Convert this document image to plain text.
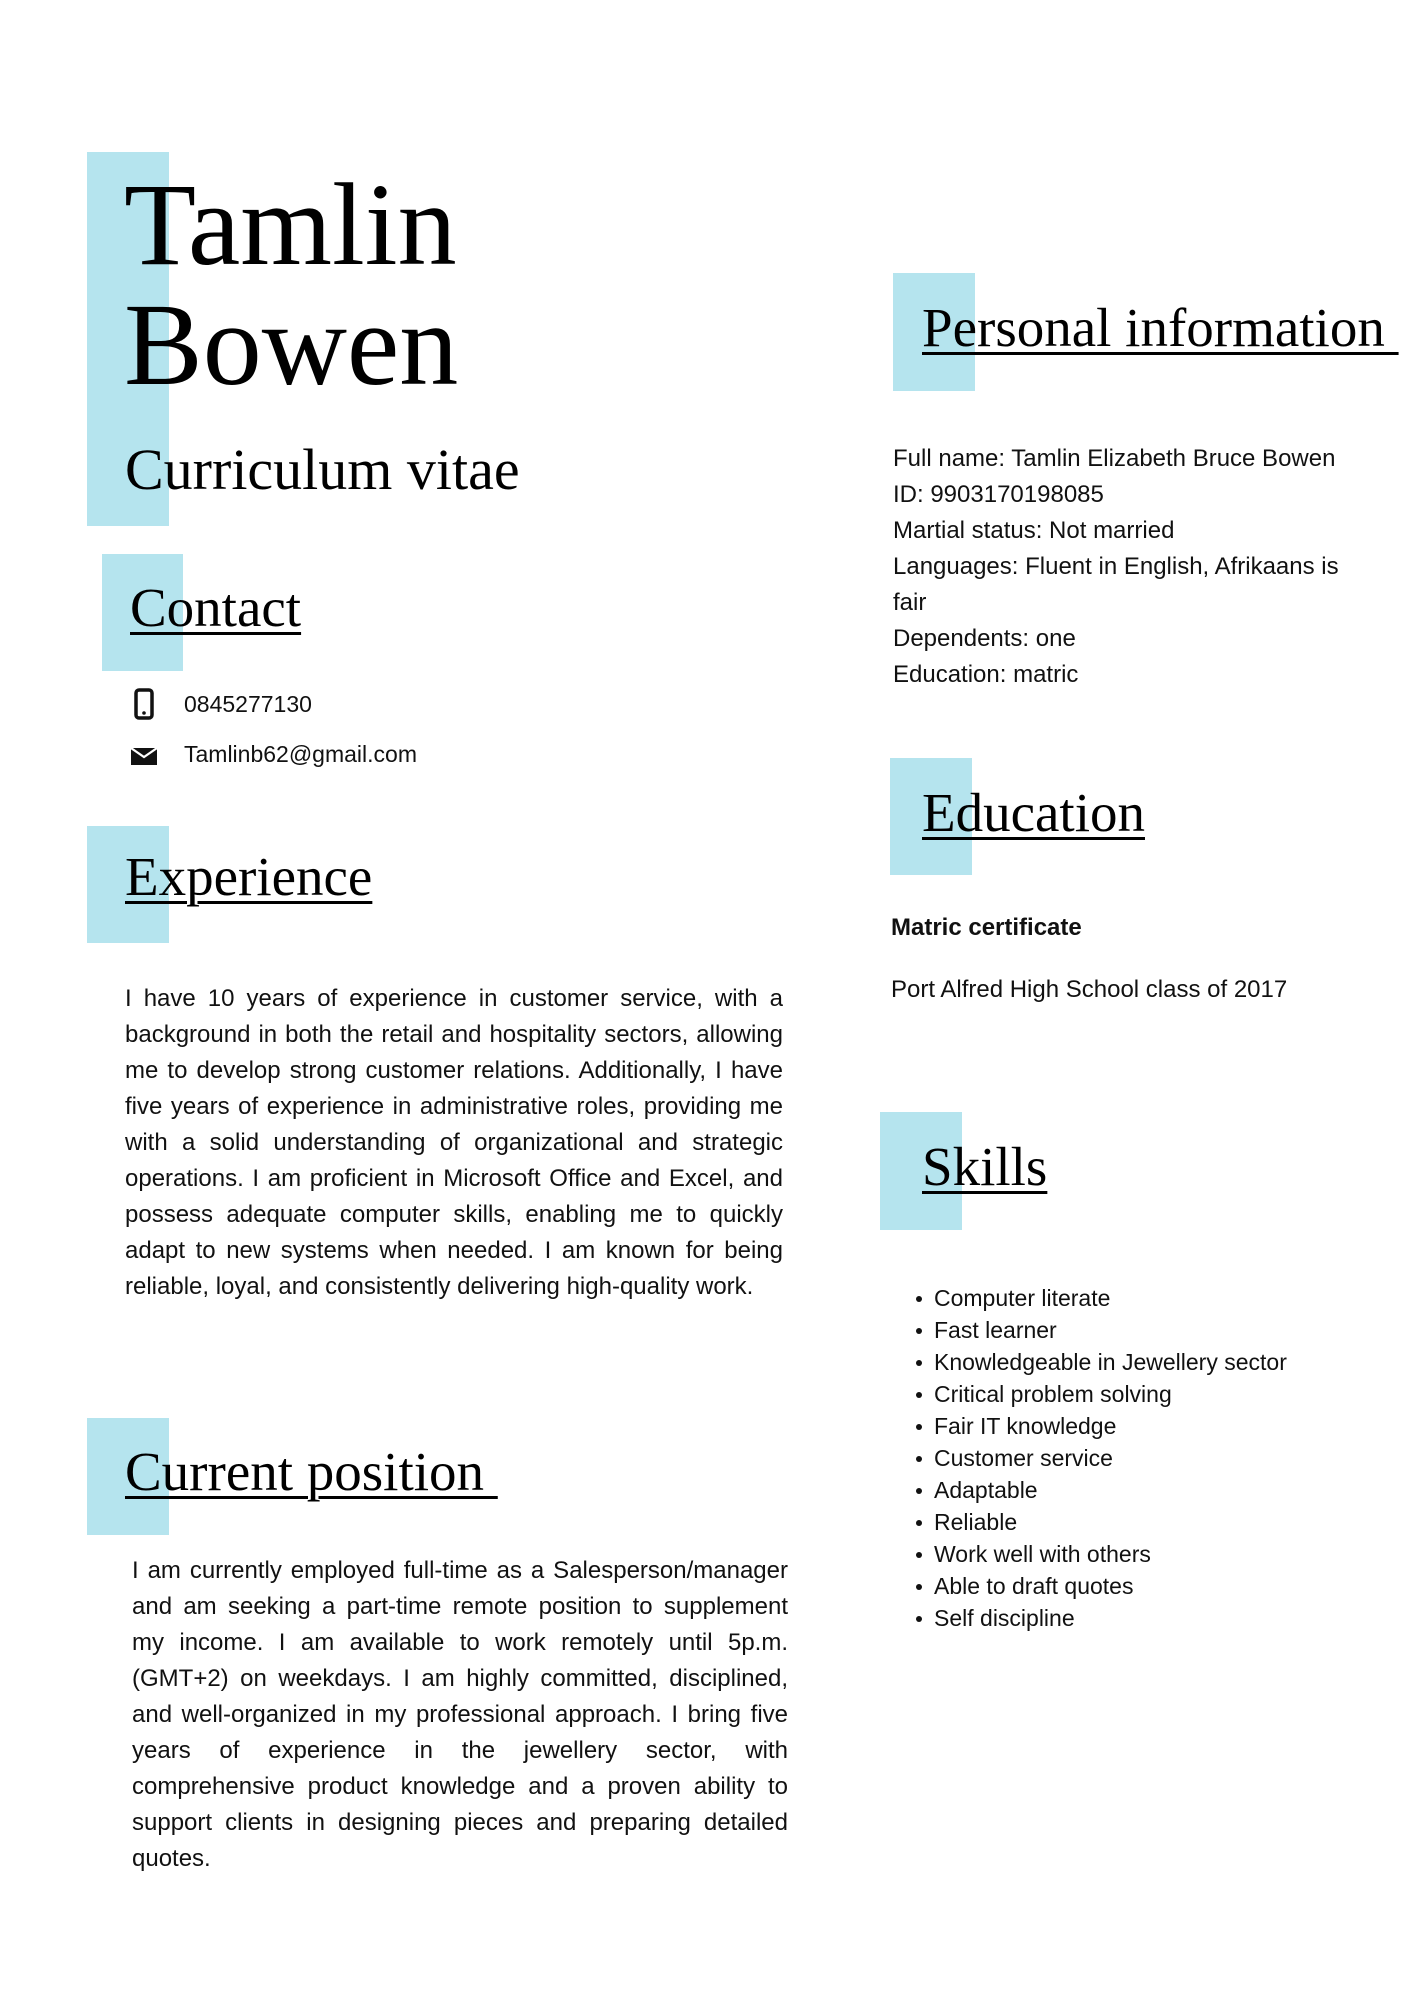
Tamlin
Bowen
Curriculum vitae
Contact
0845277130
Tamlinb62@gmail.com
Experience
I have 10 years of experience in customer service, with a background in both the retail and hospitality sectors, allowing me to develop strong customer relations. Additionally, I have five years of experience in administrative roles, providing me with a solid understanding of organizational and strategic operations. I am proficient in Microsoft Office and Excel, and possess adequate computer skills, enabling me to quickly adapt to new systems when needed. I am known for being reliable, loyal, and consistently delivering high-quality work.
Current position
I am currently employed full-time as a Salesperson/manager and am seeking a part-time remote position to supplement my income. I am available to work remotely until 5p.m. (GMT+2) on weekdays. I am highly committed, disciplined, and well-organized in my professional approach. I bring five years of experience in the jewellery sector, with comprehensive product knowledge and a proven ability to support clients in designing pieces and preparing detailed quotes.
Personal information
Full name: Tamlin Elizabeth Bruce Bowen
ID: 9903170198085
Martial status: Not married
Languages: Fluent in English, Afrikaans is fair
Dependents: one
Education: matric
Education
Matric certificate
Port Alfred High School class of 2017
Skills
Computer literate
Fast learner
Knowledgeable in Jewellery sector
Critical problem solving
Fair IT knowledge
Customer service
Adaptable
Reliable
Work well with others
Able to draft quotes
Self discipline
